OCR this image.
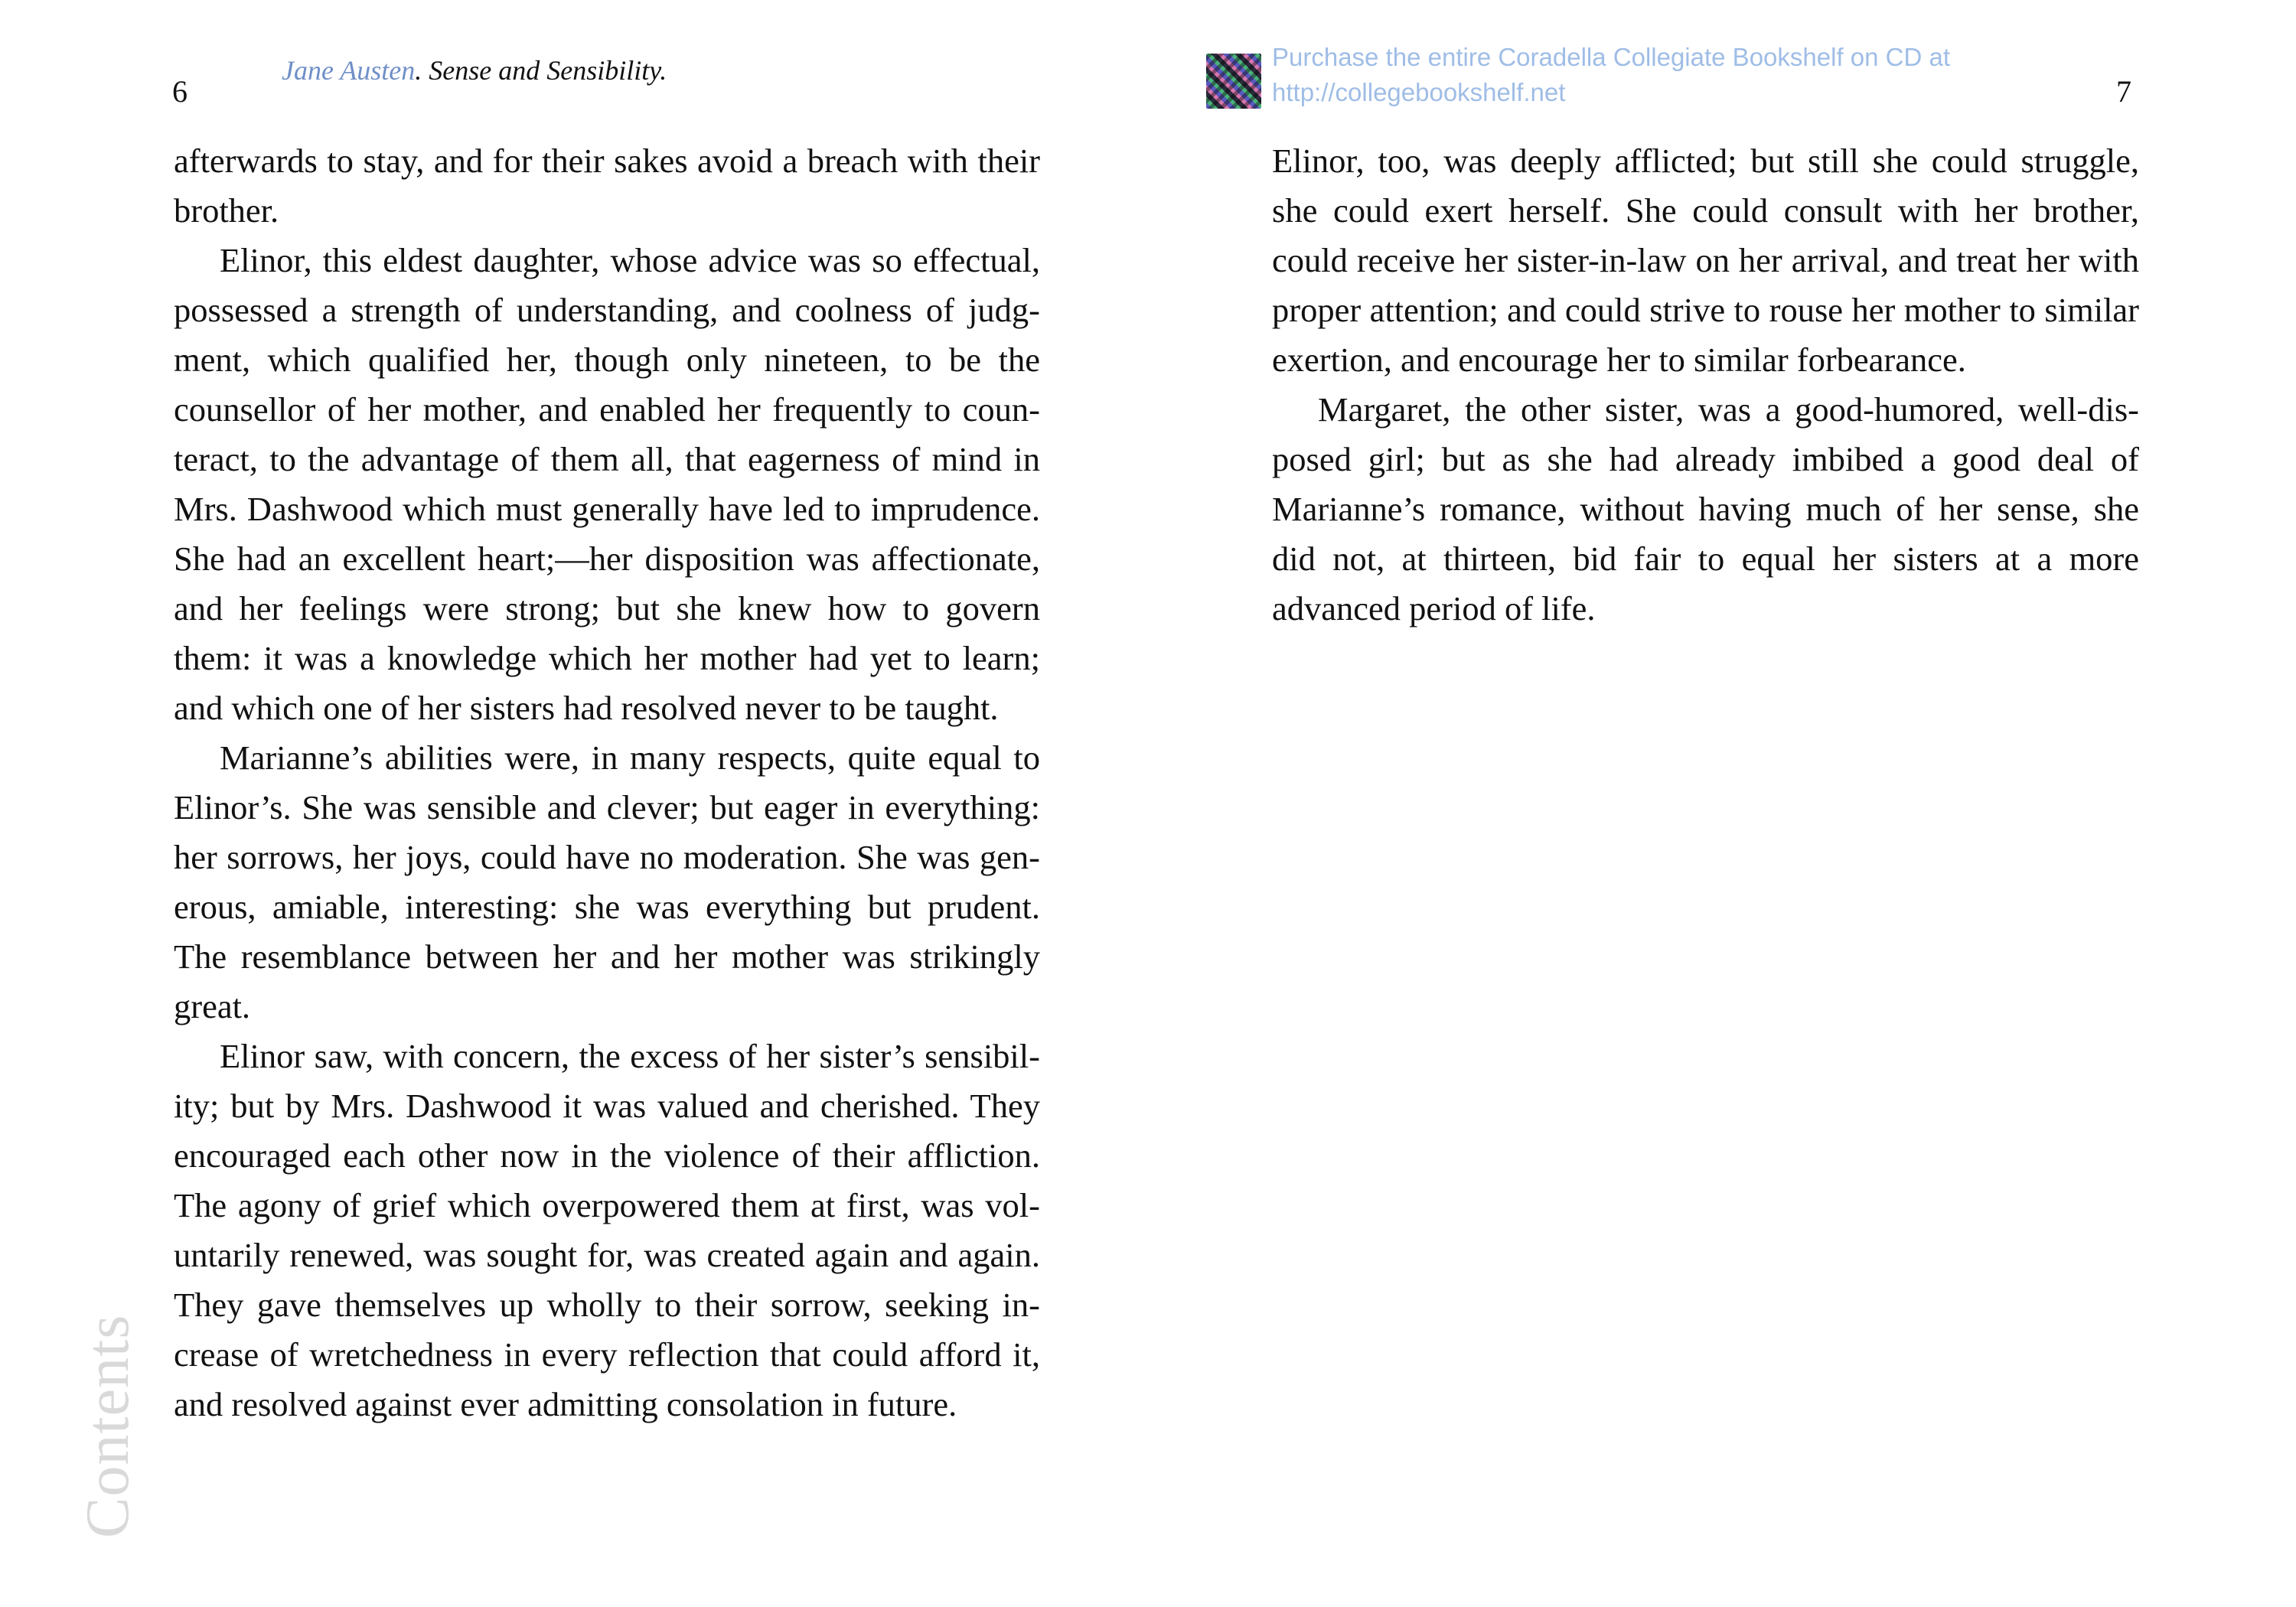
6
Jane Austen. Sense and Sensibility.

afterwards to stay, and for their sakes avoid a breach with their brother.

Elinor, this eldest daughter, whose advice was so effectual, possessed a strength of understanding, and coolness of judgment, which qualified her, though only nineteen, to be the counsellor of her mother, and enabled her frequently to counteract, to the advantage of them all, that eagerness of mind in Mrs. Dashwood which must generally have led to imprudence. She had an excellent heart;—her disposition was affectionate, and her feelings were strong; but she knew how to govern them: it was a knowledge which her mother had yet to learn; and which one of her sisters had resolved never to be taught.

Marianne’s abilities were, in many respects, quite equal to Elinor’s. She was sensible and clever; but eager in everything: her sorrows, her joys, could have no moderation. She was generous, amiable, interesting: she was everything but prudent. The resemblance between her and her mother was strikingly great.

Elinor saw, with concern, the excess of her sister’s sensibility; but by Mrs. Dashwood it was valued and cherished. They encouraged each other now in the violence of their affliction. The agony of grief which overpowered them at first, was voluntarily renewed, was sought for, was created again and again. They gave themselves up wholly to their sorrow, seeking increase of wretchedness in every reflection that could afford it, and resolved against ever admitting consolation in future.

Contents
7

Elinor, too, was deeply afflicted; but still she could struggle, she could exert herself. She could consult with her brother, could receive her sister-in-law on her arrival, and treat her with proper attention; and could strive to rouse her mother to similar exertion, and encourage her to similar forbearance.

Margaret, the other sister, was a good-humored, well-disposed girl; but as she had already imbibed a good deal of Marianne’s romance, without having much of her sense, she did not, at thirteen, bid fair to equal her sisters at a more advanced period of life.

Purchase the entire Coradella Collegiate Bookshelf on CD at
http://collegebookshelf.net
